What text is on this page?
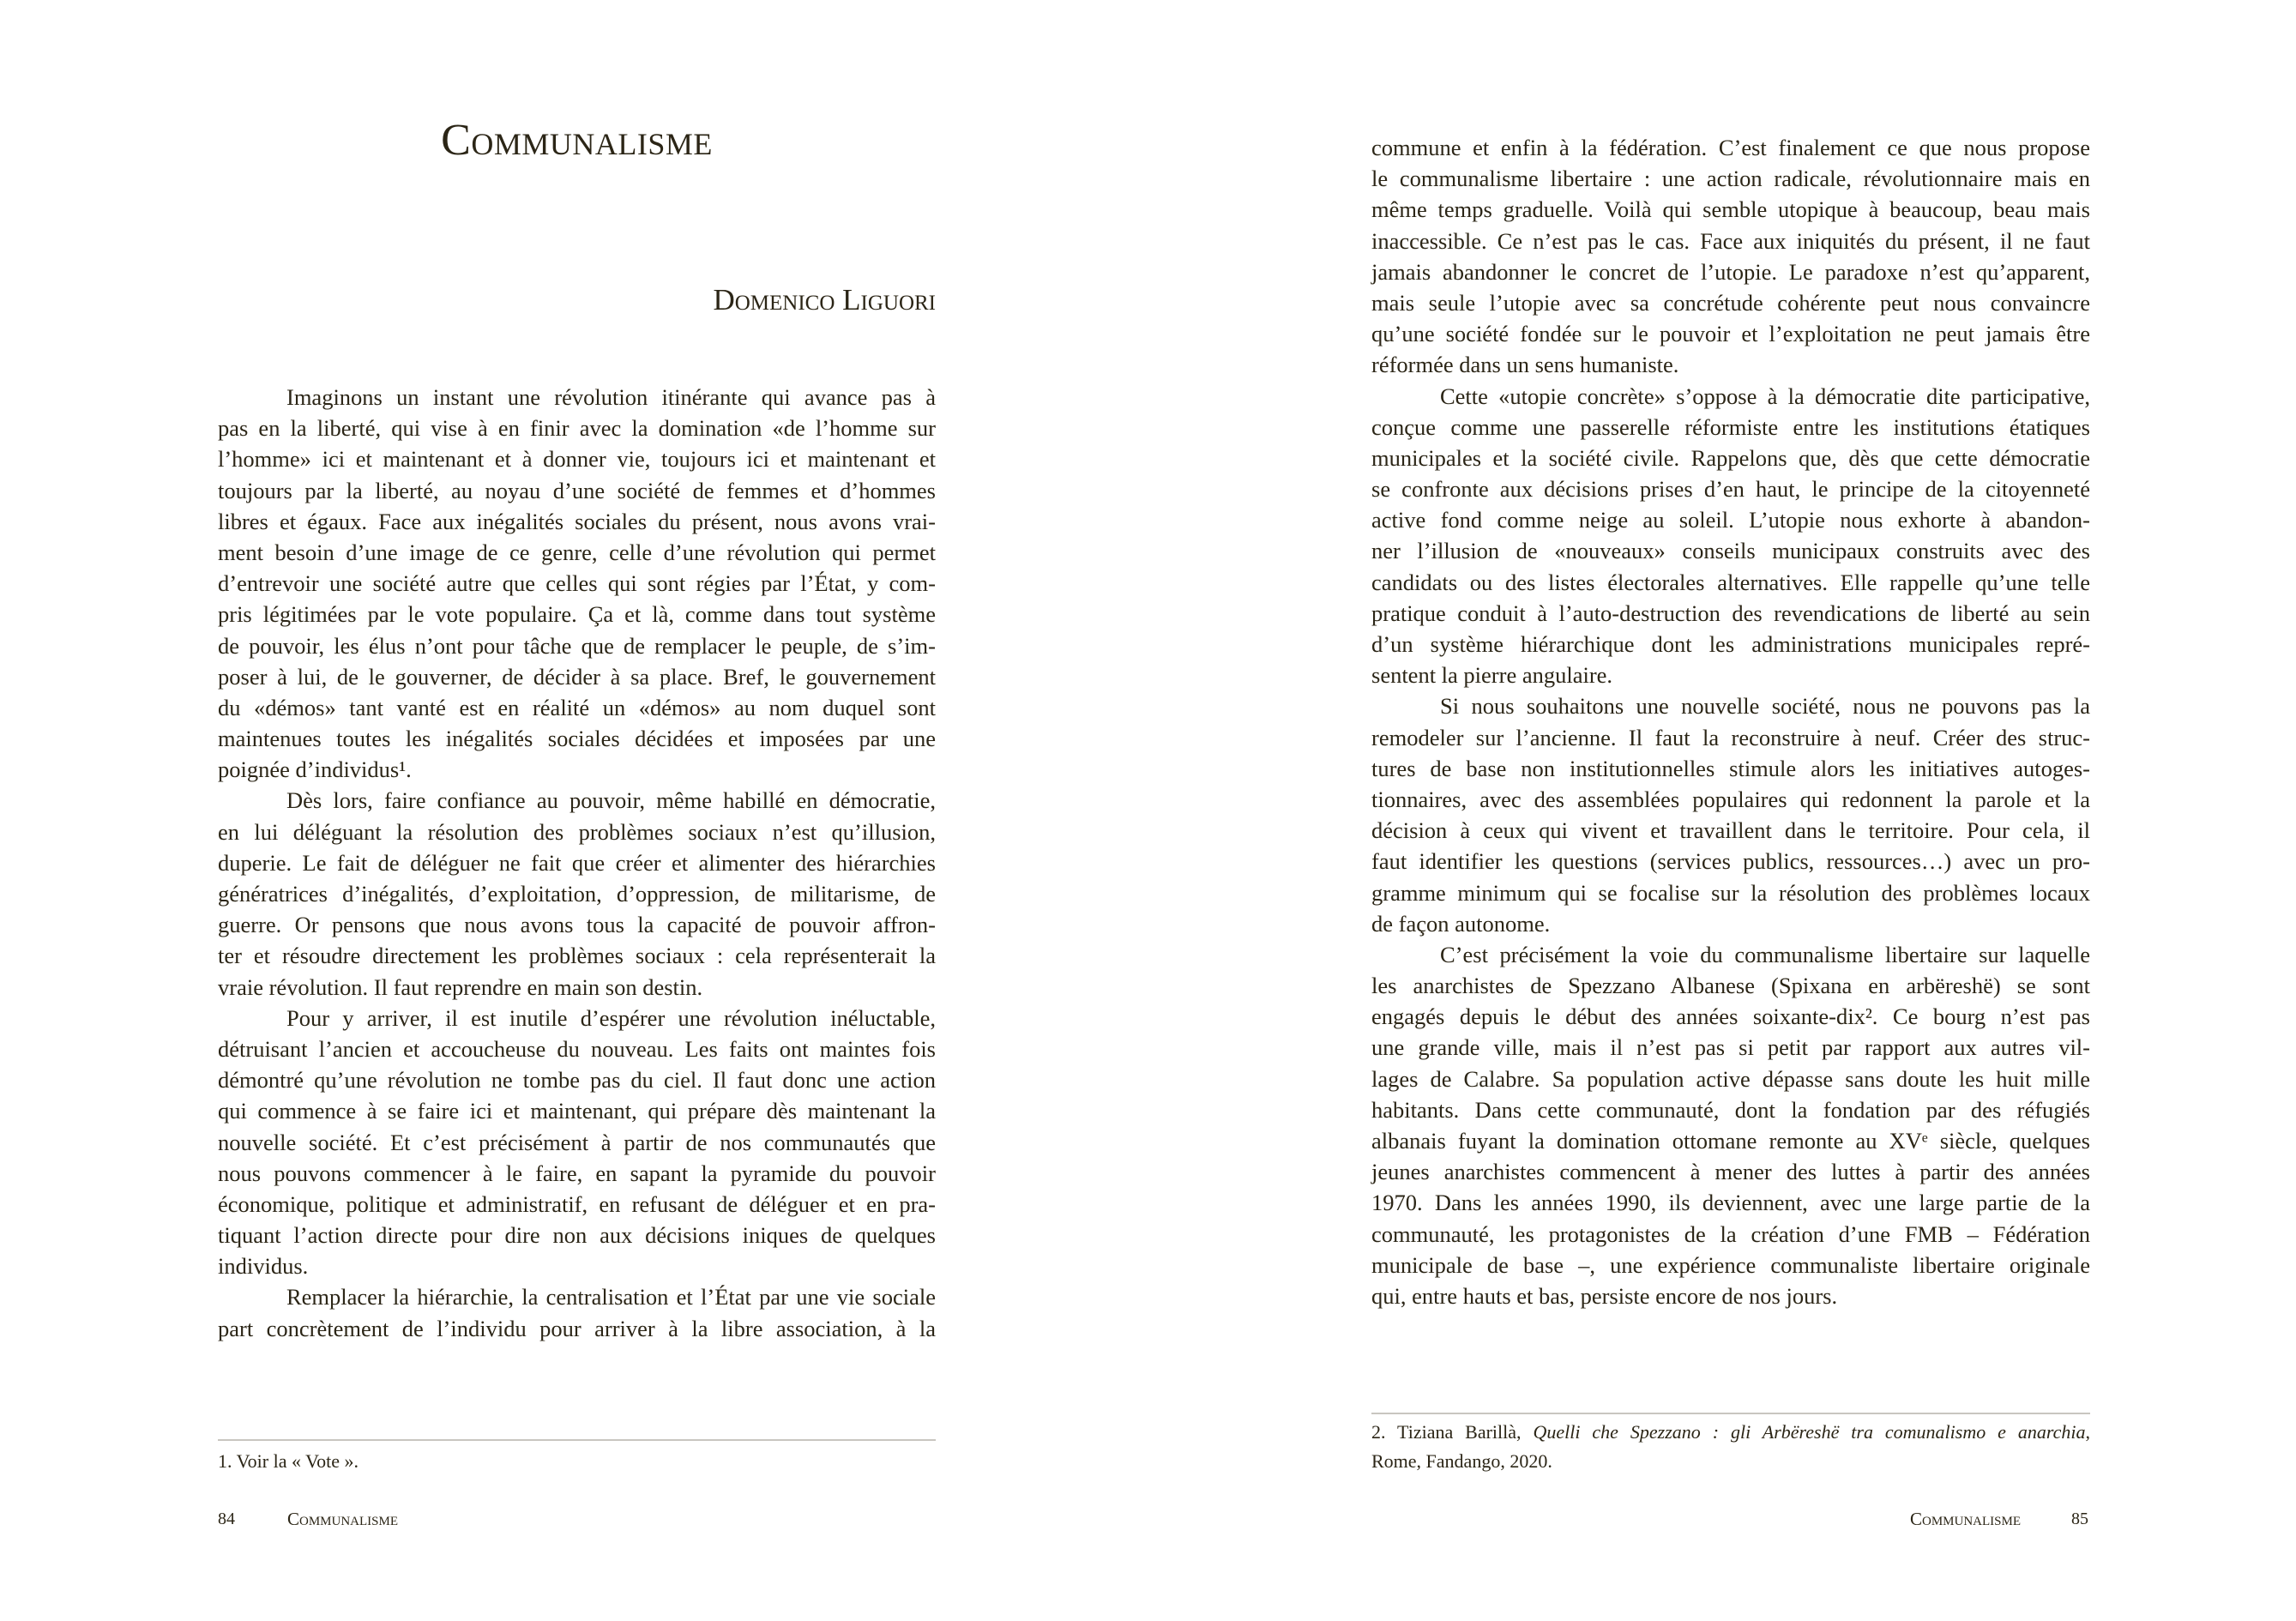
Communalisme
Domenico Liguori
Imaginons un instant une révolution itinérante qui avance pas à
pas en la liberté, qui vise à en finir avec la domination «de l’homme sur
l’homme» ici et maintenant et à donner vie, toujours ici et maintenant et
toujours par la liberté, au noyau d’une société de femmes et d’hommes
libres et égaux. Face aux inégalités sociales du présent, nous avons vrai-
ment besoin d’une image de ce genre, celle d’une révolution qui permet
d’entrevoir une société autre que celles qui sont régies par l’État, y com-
pris légitimées par le vote populaire. Ça et là, comme dans tout système
de pouvoir, les élus n’ont pour tâche que de remplacer le peuple, de s’im-
poser à lui, de le gouverner, de décider à sa place. Bref, le gouvernement
du «démos» tant vanté est en réalité un «démos» au nom duquel sont
maintenues toutes les inégalités sociales décidées et imposées par une
poignée d’individus¹.
Dès lors, faire confiance au pouvoir, même habillé en démocratie,
en lui déléguant la résolution des problèmes sociaux n’est qu’illusion,
duperie. Le fait de déléguer ne fait que créer et alimenter des hiérarchies
génératrices d’inégalités, d’exploitation, d’oppression, de militarisme, de
guerre. Or pensons que nous avons tous la capacité de pouvoir affron-
ter et résoudre directement les problèmes sociaux : cela représenterait la
vraie révolution. Il faut reprendre en main son destin.
Pour y arriver, il est inutile d’espérer une révolution inéluctable,
détruisant l’ancien et accoucheuse du nouveau. Les faits ont maintes fois
démontré qu’une révolution ne tombe pas du ciel. Il faut donc une action
qui commence à se faire ici et maintenant, qui prépare dès maintenant la
nouvelle société. Et c’est précisément à partir de nos communautés que
nous pouvons commencer à le faire, en sapant la pyramide du pouvoir
économique, politique et administratif, en refusant de déléguer et en pra-
tiquant l’action directe pour dire non aux décisions iniques de quelques
individus.
Remplacer la hiérarchie, la centralisation et l’État par une vie sociale
part concrètement de l’individu pour arriver à la libre association, à la
1. Voir la « Vote ».
84	Communalisme
commune et enfin à la fédération. C’est finalement ce que nous propose
le communalisme libertaire : une action radicale, révolutionnaire mais en
même temps graduelle. Voilà qui semble utopique à beaucoup, beau mais
inaccessible. Ce n’est pas le cas. Face aux iniquités du présent, il ne faut
jamais abandonner le concret de l’utopie. Le paradoxe n’est qu’apparent,
mais seule l’utopie avec sa concrétude cohérente peut nous convaincre
qu’une société fondée sur le pouvoir et l’exploitation ne peut jamais être
réformée dans un sens humaniste.
Cette «utopie concrète» s’oppose à la démocratie dite participative,
conçue comme une passerelle réformiste entre les institutions étatiques
municipales et la société civile. Rappelons que, dès que cette démocratie
se confronte aux décisions prises d’en haut, le principe de la citoyenneté
active fond comme neige au soleil. L’utopie nous exhorte à abandon-
ner l’illusion de «nouveaux» conseils municipaux construits avec des
candidats ou des listes électorales alternatives. Elle rappelle qu’une telle
pratique conduit à l’auto-destruction des revendications de liberté au sein
d’un système hiérarchique dont les administrations municipales repré-
sentent la pierre angulaire.
Si nous souhaitons une nouvelle société, nous ne pouvons pas la
remodeler sur l’ancienne. Il faut la reconstruire à neuf. Créer des struc-
tures de base non institutionnelles stimule alors les initiatives autoges-
tionnaires, avec des assemblées populaires qui redonnent la parole et la
décision à ceux qui vivent et travaillent dans le territoire. Pour cela, il
faut identifier les questions (services publics, ressources…) avec un pro-
gramme minimum qui se focalise sur la résolution des problèmes locaux
de façon autonome.
C’est précisément la voie du communalisme libertaire sur laquelle
les anarchistes de Spezzano Albanese (Spixana en arbëreshë) se sont
engagés depuis le début des années soixante-dix². Ce bourg n’est pas
une grande ville, mais il n’est pas si petit par rapport aux autres vil-
lages de Calabre. Sa population active dépasse sans doute les huit mille
habitants. Dans cette communauté, dont la fondation par des réfugiés
albanais fuyant la domination ottomane remonte au XVᵉ siècle, quelques
jeunes anarchistes commencent à mener des luttes à partir des années
1970. Dans les années 1990, ils deviennent, avec une large partie de la
communauté, les protagonistes de la création d’une FMB – Fédération
municipale de base –, une expérience communaliste libertaire originale
qui, entre hauts et bas, persiste encore de nos jours.
2. Tiziana Barillà, Quelli che Spezzano : gli Arbëreshë tra comunalismo e anarchia,
Rome, Fandango, 2020.
Communalisme	85
